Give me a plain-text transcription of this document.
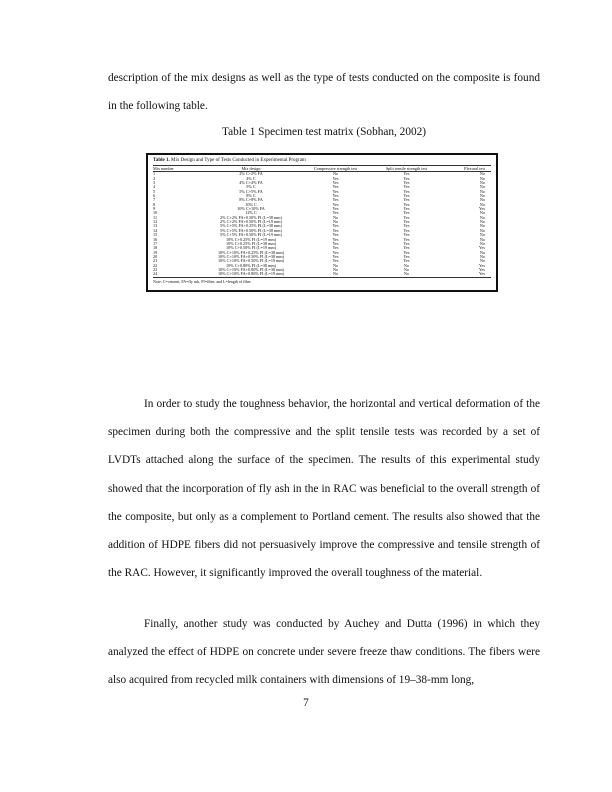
description of the mix designs as well as the type of tests conducted on the composite is found in the following table.

Table 1 Specimen test matrix (Sobhan, 2002)

Table 1. Mix Design and Type of Tests Conducted in Experimental Program
Mix number	Mix design	Compressive strength test	Split tensile strength test	Flexural test
1	2% C+2% FA	No	Yes	No
2	4% C	Yes	Yes	No
3	4% C+4% FA	Yes	Yes	No
4	5% C	Yes	Yes	No
5	5% C+5% FA	Yes	Yes	No
6	8% C	Yes	Yes	No
7	8% C+8% FA	Yes	Yes	No
8	10% C	Yes	Yes	No
9	10% C+10% FA	Yes	Yes	Yes
10	12% C	Yes	Yes	No
11	2% C+2% FA+0.50% FI (L=38 mm)	No	Yes	No
12	2% C+2% FA+0.50% FI (L=19 mm)	No	Yes	No
13	5% C+5% FA+0.25% FI (L=38 mm)	Yes	Yes	No
14	5% C+5% FA+0.50% FI (L=38 mm)	Yes	Yes	No
15	5% C+5% FA+0.50% FI (L=19 mm)	Yes	Yes	No
16	10% C+0.25% FI (L=19 mm)	Yes	Yes	No
17	10% C+0.25% FI (L=38 mm)	Yes	Yes	No
18	10% C+0.50% FI (L=19 mm)	Yes	Yes	Yes
19	10% C+10% FA+0.25% FI (L=38 mm)	Yes	Yes	No
20	10% C+10% FA+0.50% FI (L=38 mm)	Yes	Yes	No
21	10% C+10% FA+0.50% FI (L=19 mm)	Yes	Yes	No
22	10% C+0.80% FI (L=38 mm)	No	No	Yes
23	10% C+10% FA+0.80% FI (L=38 mm)	No	No	Yes
24	10% C+10% FA+0.80% FI (L=19 mm)	No	No	Yes
Note: C=cement, FA=fly ash, FI=fiber, and L=length of fiber.

In order to study the toughness behavior, the horizontal and vertical deformation of the specimen during both the compressive and the split tensile tests was recorded by a set of LVDTs attached along the surface of the specimen. The results of this experimental study showed that the incorporation of fly ash in the in RAC was beneficial to the overall strength of the composite, but only as a complement to Portland cement. The results also showed that the addition of HDPE fibers did not persuasively improve the compressive and tensile strength of the RAC. However, it significantly improved the overall toughness of the material.

Finally, another study was conducted by Auchey and Dutta (1996) in which they analyzed the effect of HDPE on concrete under severe freeze thaw conditions. The fibers were also acquired from recycled milk containers with dimensions of 19–38-mm long,

7
